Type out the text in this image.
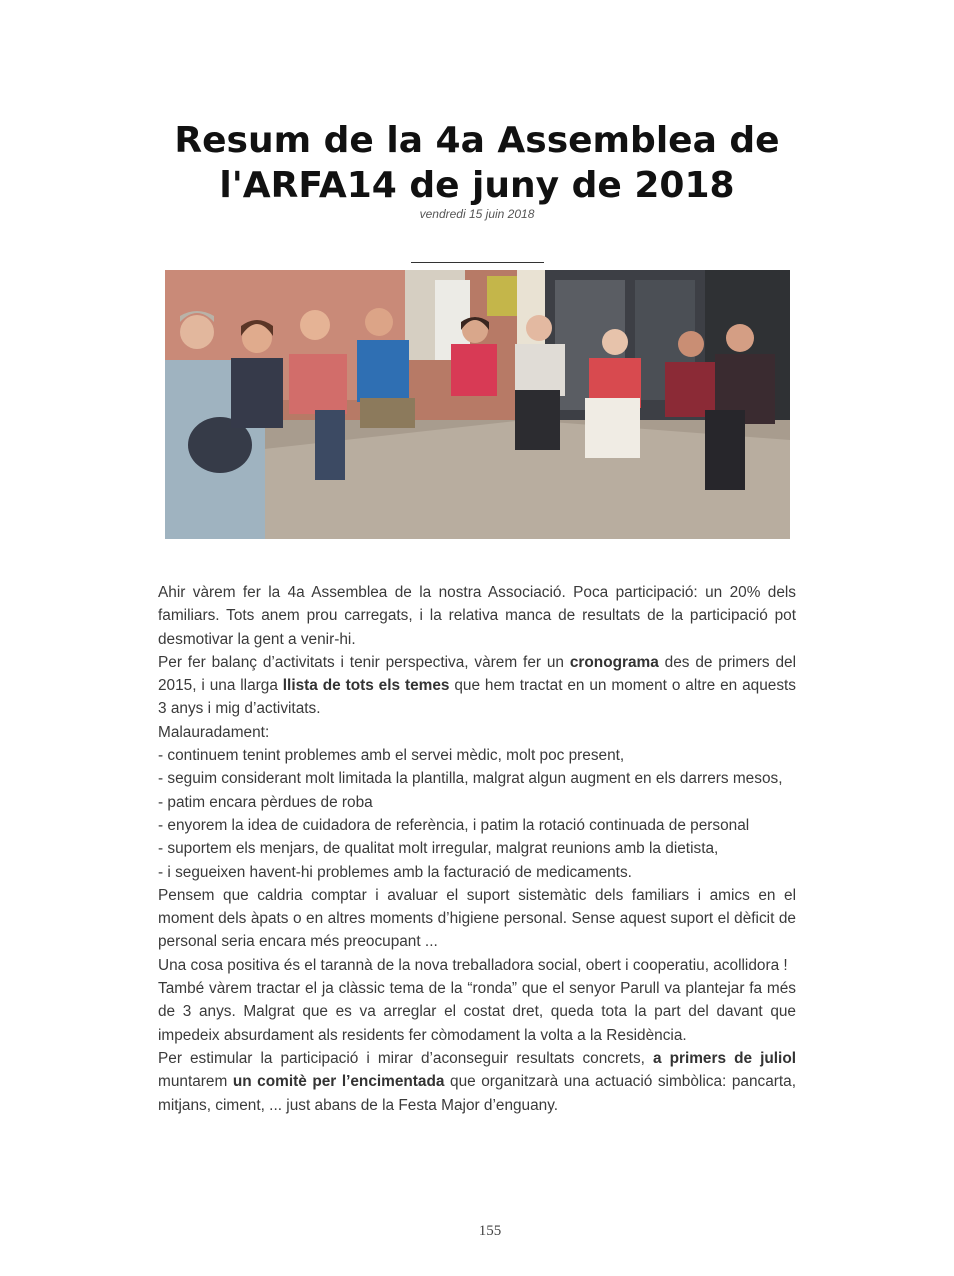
Resum de la 4a Assemblea de l'ARFA14 de juny de 2018
vendredi 15 juin 2018

Ahir vàrem fer la 4a Assemblea de la nostra Associació. Poca participació: un 20% dels familiars. Tots anem prou carregats, i la relativa manca de resultats de la participació pot desmotivar la gent a venir-hi.

Per fer balanç d’activitats i tenir perspectiva, vàrem fer un cronograma des de primers del 2015, i una llarga llista de tots els temes que hem tractat en un moment o altre en aquests 3 anys i mig d’activitats.

Malauradament:

- continuem tenint problemes amb el servei mèdic, molt poc present,

- seguim considerant molt limitada la plantilla, malgrat algun augment en els darrers mesos,

- patim encara pèrdues de roba

- enyorem la idea de cuidadora de referència, i patim la rotació continuada de personal

- suportem els menjars, de qualitat molt irregular, malgrat reunions amb la dietista,

- i segueixen havent-hi problemes amb la facturació de medicaments.

Pensem que caldria comptar i avaluar el suport sistemàtic dels familiars i amics en el moment dels àpats o en altres moments d’higiene personal. Sense aquest suport el dèficit de personal seria encara més preocupant ...

Una cosa positiva és el tarannà de la nova treballadora social, obert i cooperatiu, acollidora !

També vàrem tractar el ja clàssic tema de la “ronda” que el senyor Parull va plantejar fa més de 3 anys. Malgrat que es va arreglar el costat dret, queda tota la part del davant que impedeix absurdament als residents fer còmodament la volta a la Residència.

Per estimular la participació i mirar d’aconseguir resultats concrets, a primers de juliol muntarem un comitè per l’encimentada que organitzarà una actuació simbòlica: pancarta, mitjans, ciment, ... just abans de la Festa Major d’enguany.

155
